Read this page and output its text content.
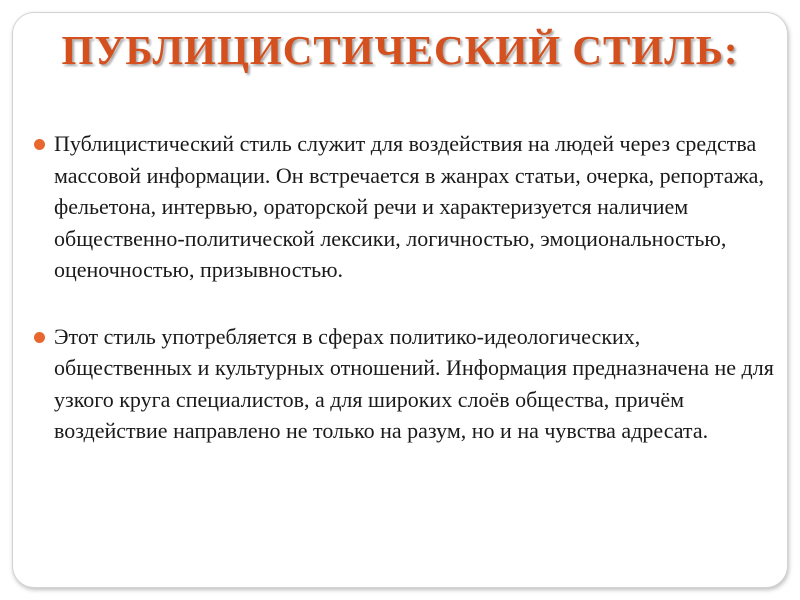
ПУБЛИЦИСТИЧЕСКИЙ СТИЛЬ:
Публицистический стиль служит для воздействия на людей через средства массовой информации. Он встречается в жанрах статьи, очерка, репортажа, фельетона, интервью, ораторской речи и характеризуется наличием общественно-политической лексики, логичностью, эмоциональностью, оценочностью, призывностью.
Этот стиль употребляется в сферах политико-идеологических, общественных и культурных отношений. Информация предназначена не для узкого круга специалистов, а для широких слоёв общества, причём воздействие направлено не только на разум, но и на чувства адресата.
